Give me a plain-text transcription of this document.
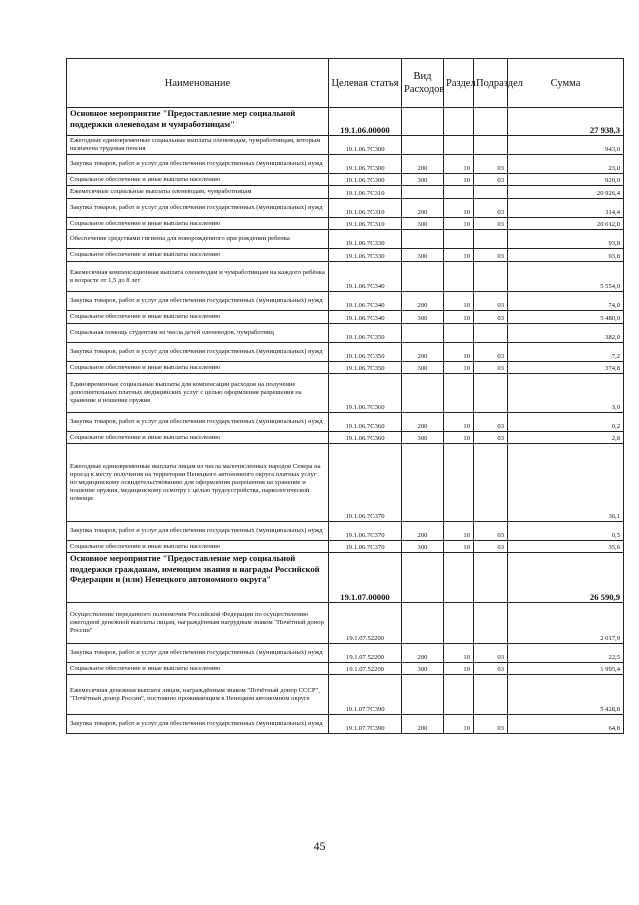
Наименование	Целевая статья	Вид Расходов	Раздел	Подраздел	Сумма
Основное мероприятие "Предоставление мер социальной поддержки оленеводам и чумработницам"	19.1.06.00000				27 938,3
Ежегодные единовременные социальные выплаты оленеводам, чумработницам, которым назначена трудовая пенсия	19.1.06.7С300				943,0
Закупка товаров, работ и услуг для обеспечения государственных (муниципальных) нужд	19.1.06.7С300	200	10	03	23,0
Социальное обеспечение и иные выплаты населению	19.1.06.7С300	300	10	03	920,0
Ежемесячные социальные выплаты оленеводам, чумработницам	19.1.06.7С310				20 926,4
Закупка товаров, работ и услуг для обеспечения государственных (муниципальных) нужд	19.1.06.7С310	200	10	03	314,4
Социальное обеспечение и иные выплаты населению	19.1.06.7С310	300	10	03	20 612,0
Обеспечение средствами гигиены для новорожденного при рождении ребенка	19.1.06.7С330				93,8
Социальное обеспечение и иные выплаты населению	19.1.06.7С330	300	10	03	93,8
Ежемесячная компенсационная выплата оленеводам и чумработницам на каждого ребёнка в возрасте от 1,5 до 8 лет	19.1.06.7С340				5 554,0
Закупка товаров, работ и услуг для обеспечения государственных (муниципальных) нужд	19.1.06.7С340	200	10	03	74,0
Социальное обеспечение и иные выплаты населению	19.1.06.7С340	300	10	03	5 480,0
Социальная помощь студентам из числа детей оленеводов, чумработниц	19.1.06.7С350				382,0
Закупка товаров, работ и услуг для обеспечения государственных (муниципальных) нужд	19.1.06.7С350	200	10	03	7,2
Социальное обеспечение и иные выплаты населению	19.1.06.7С350	300	10	03	374,8
Единовременные социальные выплаты для компенсации расходов на получение дополнительных платных медицинских услуг с целью оформления разрешения на хранение и ношение оружия	19.1.06.7С360				3,0
Закупка товаров, работ и услуг для обеспечения государственных (муниципальных) нужд	19.1.06.7С360	200	10	03	0,2
Социальное обеспечение и иные выплаты населению	19.1.06.7С360	300	10	03	2,8
Ежегодные единовременные выплаты лицам из числа малочисленных народов Севера на проезд к месту получения на территории Ненецкого автономного округа платных услуг по медицинскому освидетельствованию для оформления разрешения на хранение и ношение оружия, медицинскому осмотру с целью трудоустройства, наркологической помощи	19.1.06.7С370				36,1
Закупка товаров, работ и услуг для обеспечения государственных (муниципальных) нужд	19.1.06.7С370	200	10	03	0,5
Социальное обеспечение и иные выплаты населению	19.1.06.7С370	300	10	03	35,6
Основное мероприятие "Предоставление мер социальной поддержки гражданам, имеющим звания и награды Российской Федерации и (или) Ненецкого автономного округа"	19.1.07.00000				26 590,9
Осуществление переданного полномочия Российской Федерации по осуществлению ежегодной денежной выплаты лицам, награждённым нагрудным знаком "Почётный донор России"	19.1.07.52200				2 017,9
Закупка товаров, работ и услуг для обеспечения государственных (муниципальных) нужд	19.1.07.52200	200	10	03	22,5
Социальное обеспечение и иные выплаты населению	19.1.07.52200	300	10	03	1 995,4
Ежемесячная денежная выплата лицам, награждённым знаком "Почётный донор СССР", "Почётный донор России", постоянно проживающим в Ненецком автономном округе	19.1.07.7С390				5 428,8
Закупка товаров, работ и услуг для обеспечения государственных (муниципальных) нужд	19.1.07.7С390	200	10	03	64,8
45
